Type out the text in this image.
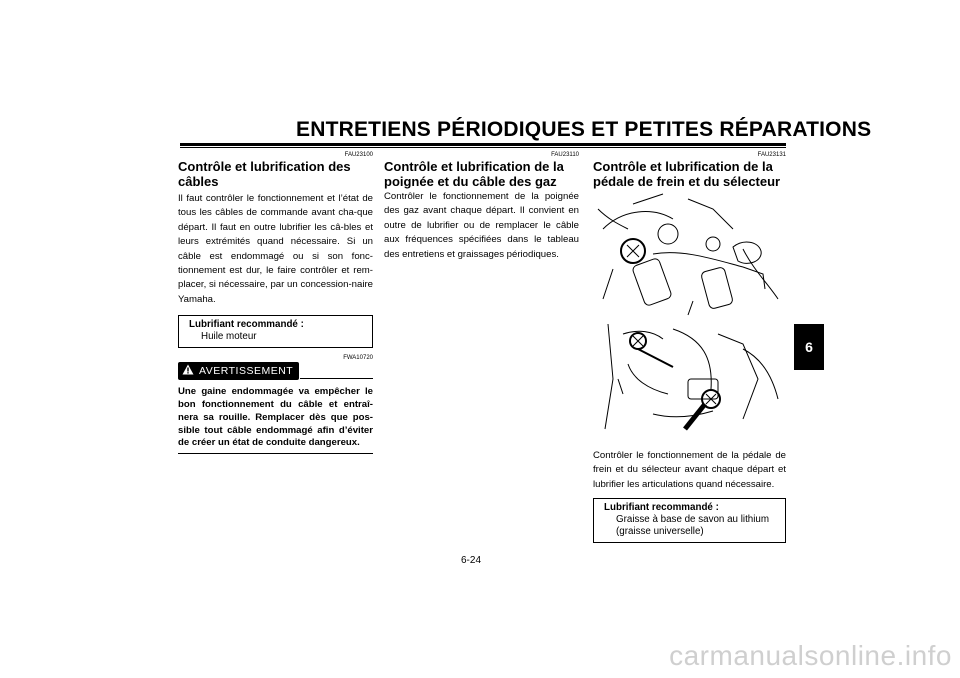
ENTRETIENS PÉRIODIQUES ET PETITES RÉPARATIONS
FAU23100
Contrôle et lubrification des câbles

Il faut contrôler le fonctionnement et l’état de tous les câbles de commande avant cha-que départ. Il faut en outre lubrifier les câ-bles et leurs extrémités quand nécessaire. Si un câble est endommagé ou si son fonc-tionnement est dur, le faire contrôler et rem-placer, si nécessaire, par un concession-naire Yamaha.

Lubrifiant recommandé :
Huile moteur
FWA10720
AVERTISSEMENT

Une gaine endommagée va empêcher le bon fonctionnement du câble et entraî-nera sa rouille. Remplacer dès que pos-sible tout câble endommagé afin d’éviter de créer un état de conduite dangereux.

FAU23110
Contrôle et lubrification de la poignée et du câble des gaz

Contrôler le fonctionnement de la poignée des gaz avant chaque départ. Il convient en outre de lubrifier ou de remplacer le câble aux fréquences spécifiées dans le tableau des entretiens et graissages périodiques.

FAU23131
Contrôle et lubrification de la pédale de frein et du sélecteur

Contrôler le fonctionnement de la pédale de frein et du sélecteur avant chaque départ et lubrifier les articulations quand nécessaire.

Lubrifiant recommandé :
Graisse à base de savon au lithium
(graisse universelle)
6
6-24
carmanualsonline.info
